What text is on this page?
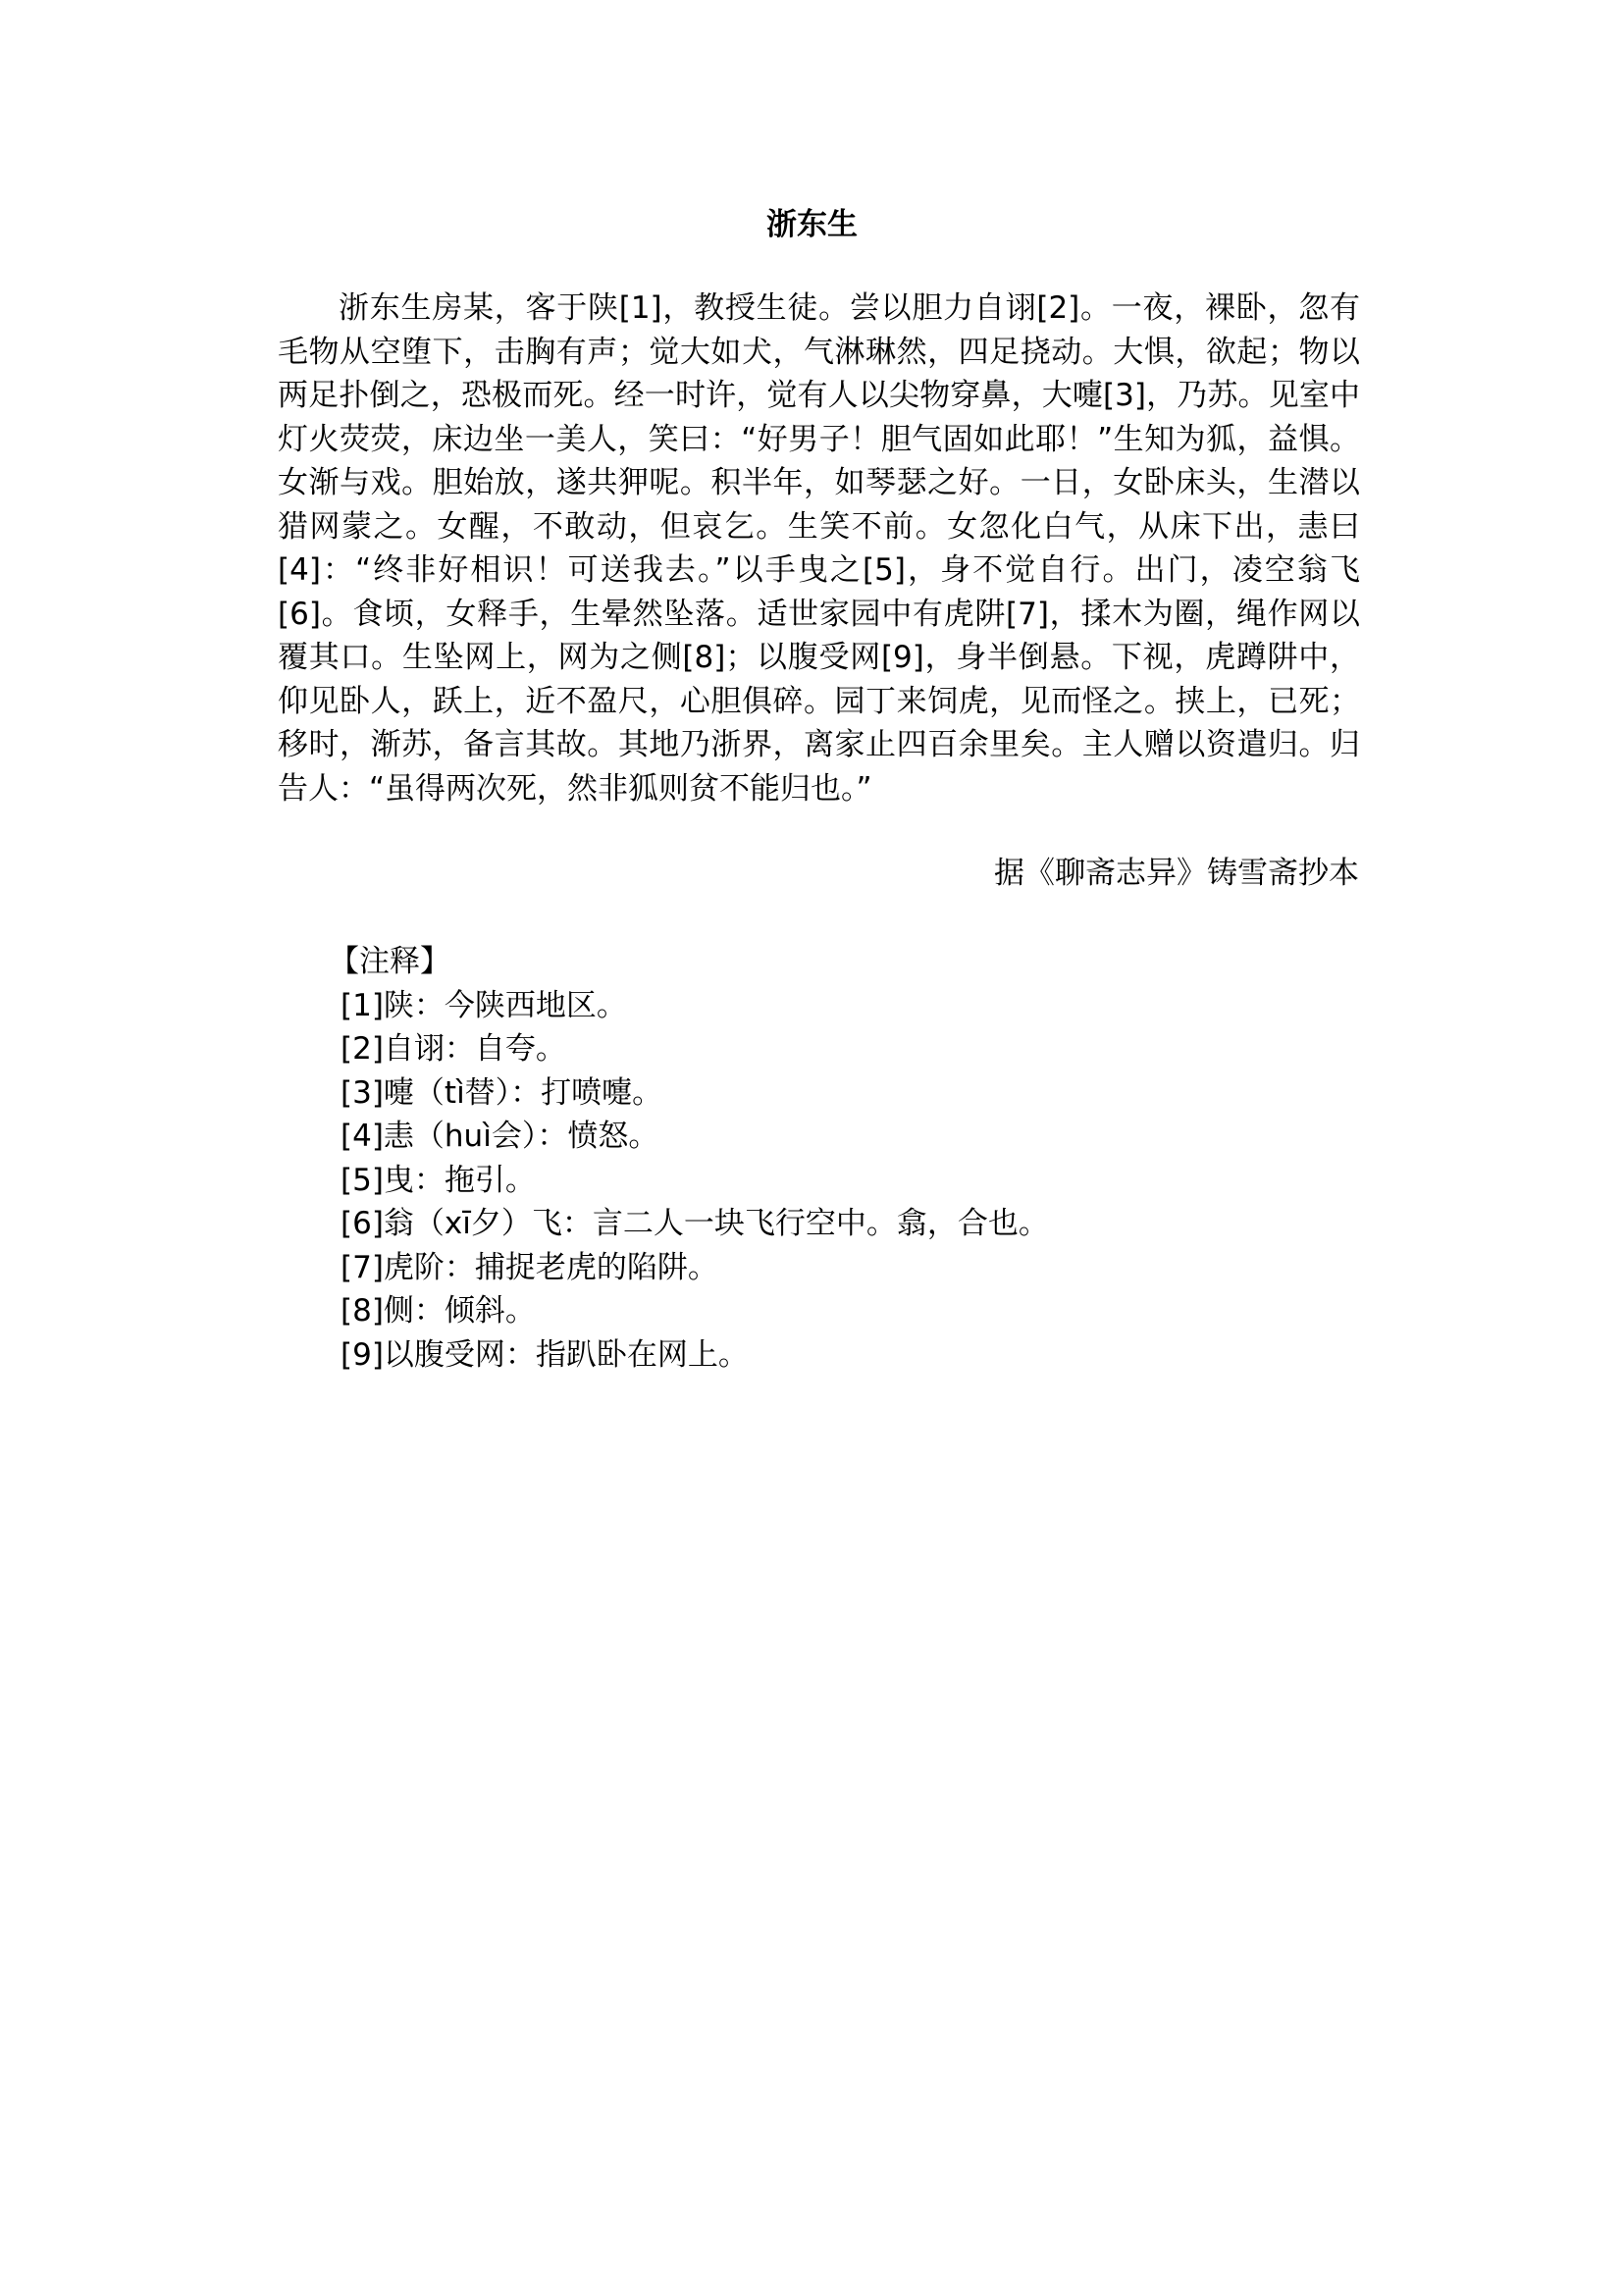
浙东生

浙东生房某，客于陕[1]，教授生徒。尝以胆力自诩[2]。一夜，裸卧，忽有毛物从空堕下，击胸有声；觉大如犬，气淋琳然，四足挠动。大惧，欲起；物以两足扑倒之，恐极而死。经一时许，觉有人以尖物穿鼻，大嚏[3]，乃苏。见室中灯火荧荧，床边坐一美人，笑曰：“好男子！胆气固如此耶！”生知为狐，益惧。女渐与戏。胆始放，遂共狎呢。积半年，如琴瑟之好。一日，女卧床头，生潜以猎网蒙之。女醒，不敢动，但哀乞。生笑不前。女忽化白气，从床下出，恚曰[4]：“终非好相识！可送我去。”以手曳之[5]，身不觉自行。出门，凌空翁飞[6]。食顷，女释手，生晕然坠落。适世家园中有虎阱[7]，揉木为圈，绳作网以覆其口。生坠网上，网为之侧[8]；以腹受网[9]，身半倒悬。下视，虎蹲阱中，仰见卧人，跃上，近不盈尺，心胆俱碎。园丁来饲虎，见而怪之。挟上，已死；移时，渐苏，备言其故。其地乃浙界，离家止四百余里矣。主人赠以资遣归。归告人：“虽得两次死，然非狐则贫不能归也。”

据《聊斋志异》铸雪斋抄本
【注释】
[1]陕：今陕西地区。
[2]自诩：自夸。
[3]嚏（tì替）：打喷嚏。
[4]恚（huì会）：愤怒。
[5]曳：拖引。
[6]翁（xī夕）飞：言二人一块飞行空中。翕，合也。
[7]虎阶：捕捉老虎的陷阱。
[8]侧：倾斜。
[9]以腹受网：指趴卧在网上。
